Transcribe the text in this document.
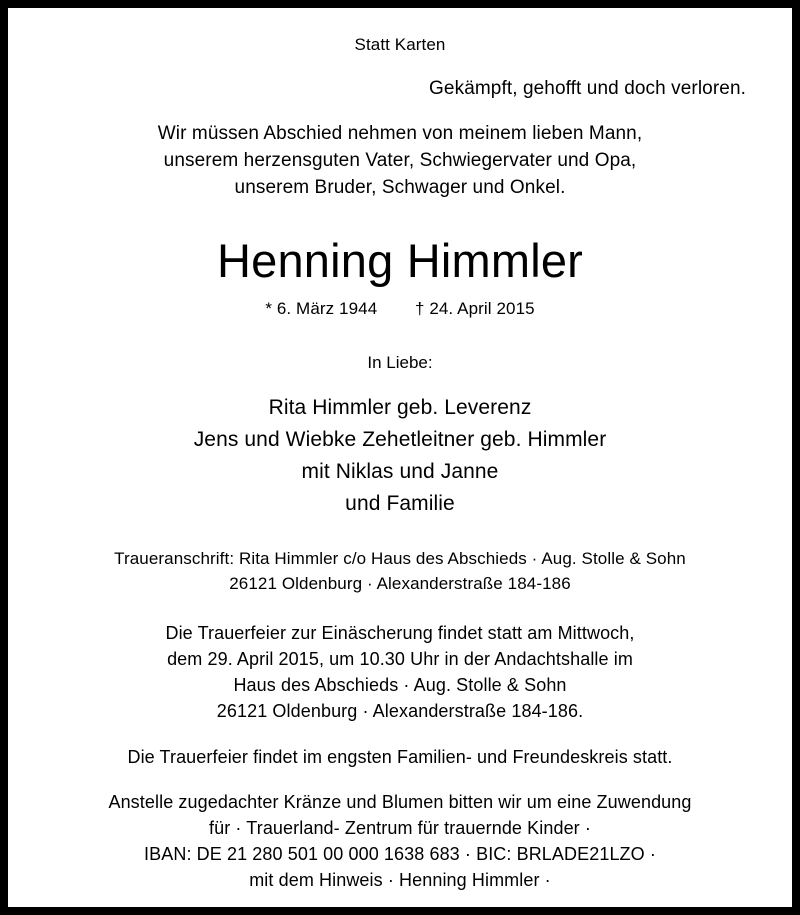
Statt Karten
Gekämpft, gehofft und doch verloren.
Wir müssen Abschied nehmen von meinem lieben Mann,
unserem herzensguten Vater, Schwiegervater und Opa,
unserem Bruder, Schwager und Onkel.
Henning Himmler
* 6. März 1944 † 24. April 2015
In Liebe:
Rita Himmler geb. Leverenz
Jens und Wiebke Zehetleitner geb. Himmler
mit Niklas und Janne
und Familie
Traueranschrift: Rita Himmler c/o Haus des Abschieds · Aug. Stolle & Sohn
26121 Oldenburg · Alexanderstraße 184-186
Die Trauerfeier zur Einäscherung findet statt am Mittwoch,
dem 29. April 2015, um 10.30 Uhr in der Andachtshalle im
Haus des Abschieds · Aug. Stolle & Sohn
26121 Oldenburg · Alexanderstraße 184-186.
Die Trauerfeier findet im engsten Familien- und Freundeskreis statt.
Anstelle zugedachter Kränze und Blumen bitten wir um eine Zuwendung
für · Trauerland- Zentrum für trauernde Kinder ·
IBAN: DE 21 280 501 00 000 1638 683 · BIC: BRLADE21LZO ·
mit dem Hinweis · Henning Himmler ·
